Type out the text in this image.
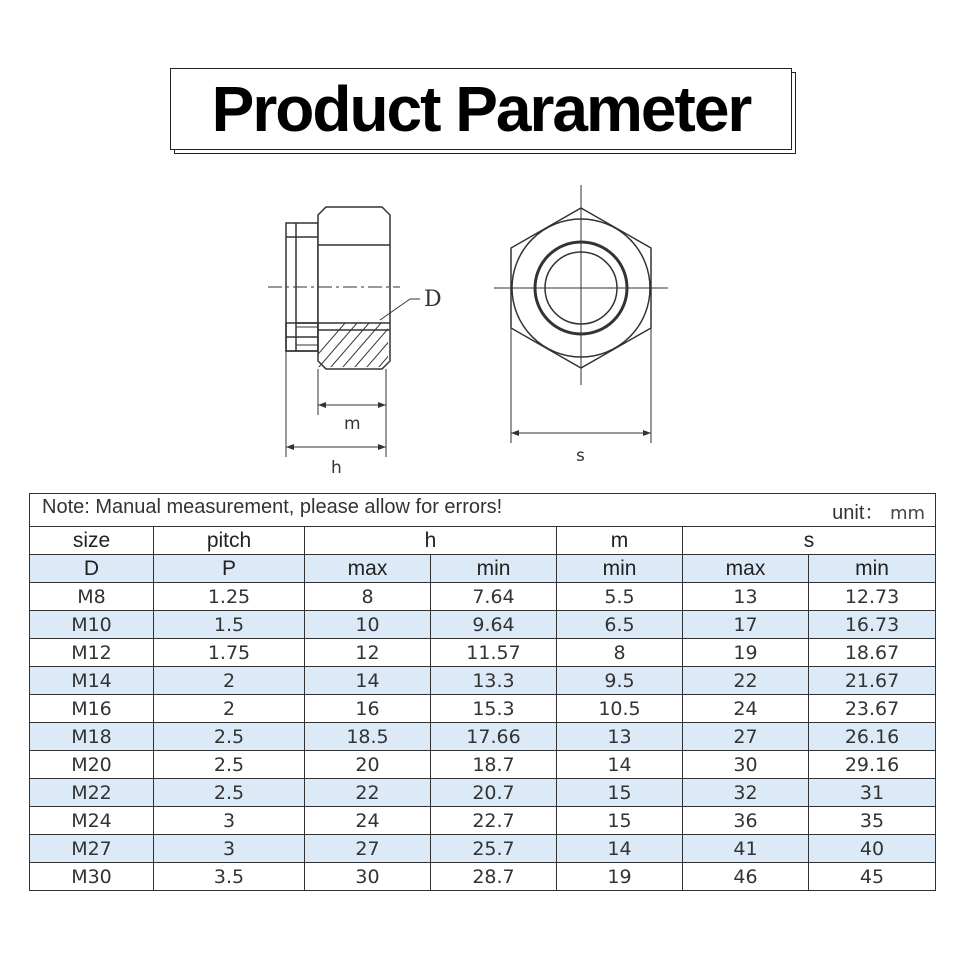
Product Parameter
D
m
h
s
Note: Manual measurement, please allow for errors! unit： mm						

size	pitch	h		m	s	
D	P	max	min	min	max	min
M8	1.25	8	7.64	5.5	13	12.73
M10	1.5	10	9.64	6.5	17	16.73
M12	1.75	12	11.57	8	19	18.67
M14	2	14	13.3	9.5	22	21.67
M16	2	16	15.3	10.5	24	23.67
M18	2.5	18.5	17.66	13	27	26.16
M20	2.5	20	18.7	14	30	29.16
M22	2.5	22	20.7	15	32	31
M24	3	24	22.7	15	36	35
M27	3	27	25.7	14	41	40
M30	3.5	30	28.7	19	46	45
